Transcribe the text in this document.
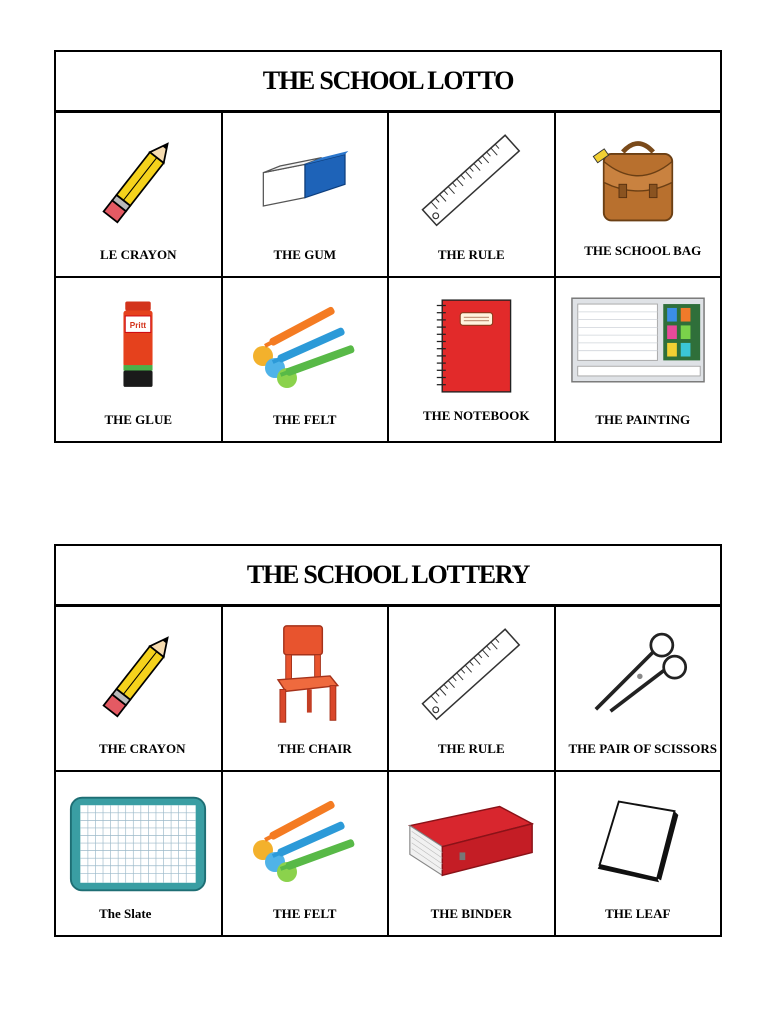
THE SCHOOL LOTTO
LE CRAYON	THE GUM	THE RULE	THE SCHOOL BAG
THE GLUE	THE FELT	THE NOTEBOOK	THE PAINTING
THE SCHOOL LOTTERY
THE CRAYON	THE CHAIR	THE RULE	THE PAIR OF SCISSORS
The Slate	THE FELT	THE BINDER	THE LEAF
